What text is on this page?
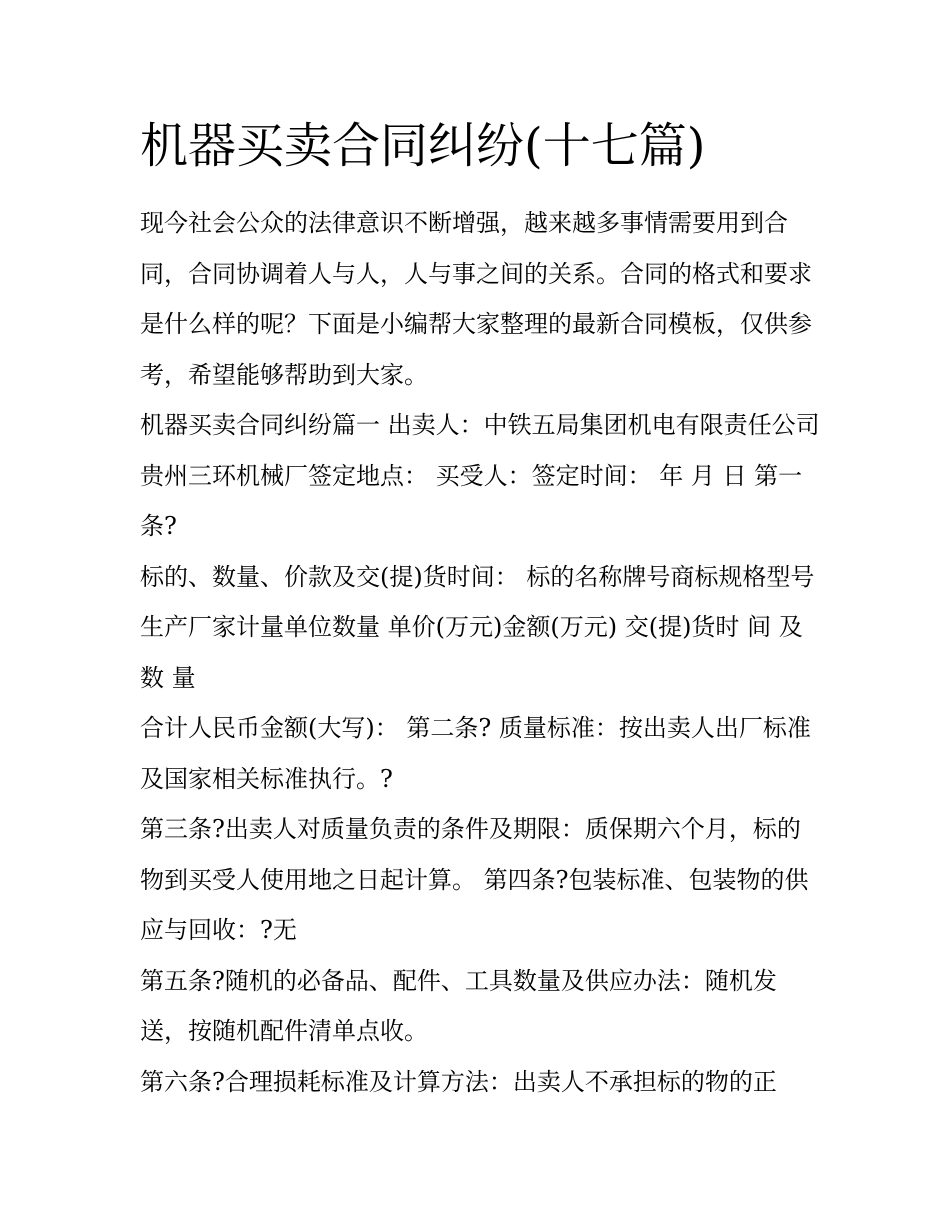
机器买卖合同纠纷(十七篇)

现今社会公众的法律意识不断增强，越来越多事情需要用到合同，合同协调着人与人，人与事之间的关系。合同的格式和要求是什么样的呢？下面是小编帮大家整理的最新合同模板，仅供参考，希望能够帮助到大家。

机器买卖合同纠纷篇一 出卖人：中铁五局集团机电有限责任公司贵州三环机械厂签定地点： 买受人：签定时间： 年 月 日 第一条?

标的、数量、价款及交(提)货时间： 标的名称牌号商标规格型号生产厂家计量单位数量 单价(万元)金额(万元) 交(提)货时 间 及 数 量

合计人民币金额(大写)： 第二条? 质量标准：按出卖人出厂标准及国家相关标准执行。?

第三条?出卖人对质量负责的条件及期限：质保期六个月，标的物到买受人使用地之日起计算。 第四条?包装标准、包装物的供应与回收：?无

第五条?随机的必备品、配件、工具数量及供应办法：随机发送，按随机配件清单点收。

第六条?合理损耗标准及计算方法：出卖人不承担标的物的正
